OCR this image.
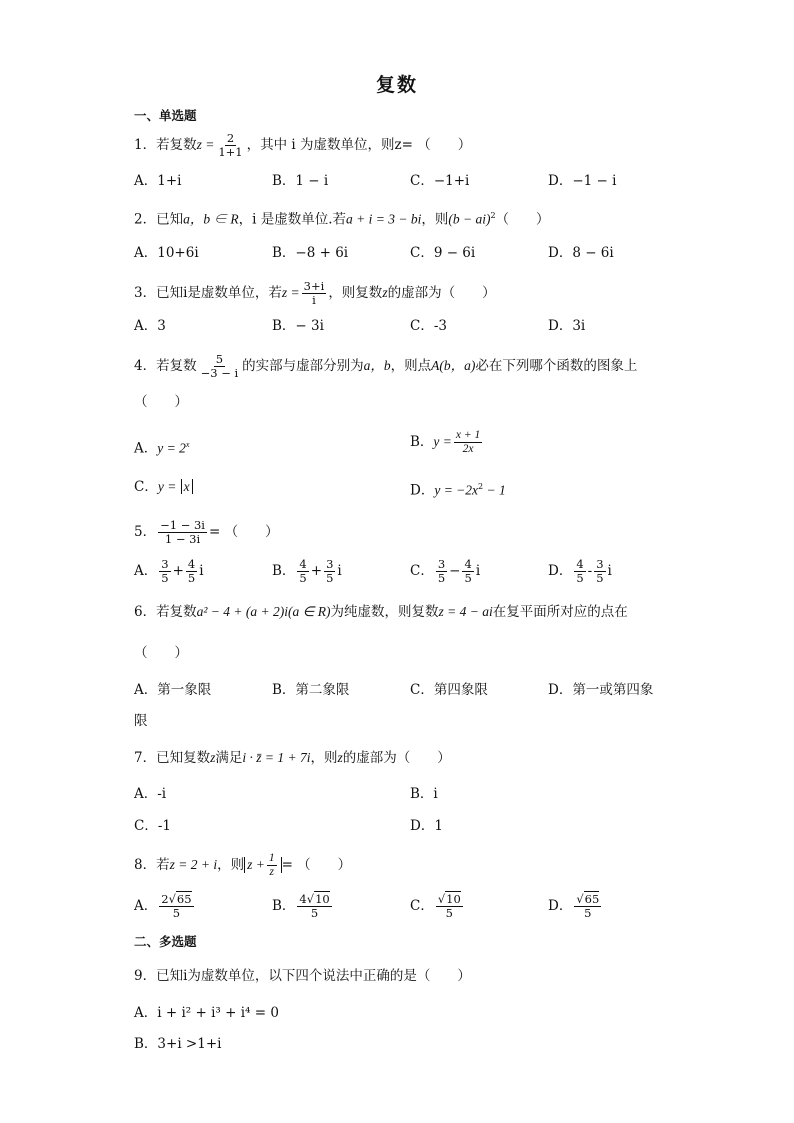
复数
一、单选题
1．若复数$z = \frac{2}{1+1}$ ，其中 i 为虚数单位，则z= （　　）
A．1+i	B．1 − i	C．−1+i	D．−1 − i
2．已知a，b ∈ R，i 是虚数单位.若a + i = 3 − bi，则(b − ai)$^2$（　　）
A．10+6i	B．−8 + 6i	C．9 − 6i	D．8 − 6i
3．已知i是虚数单位，若$z = \frac{3+i}{i}$ ，则复数z的虚部为（　　）
A．3	B．− 3i	C．-3	D．3i
4．若复数 $\frac{5}{-3 - i}$ 的实部与虚部分别为a，b，则点A(b，a)必在下列哪个函数的图象上
（　　）
A．$y = 2^x$	B．$y = \frac{x + 1}{2x}$
C．y = x	D．$y = -2x^2 - 1$
5． $\frac{-1 - 3i}{1 - 3i}$ = （　　）
A． $\frac{3}{5} + \frac{4}{5}$ i	B． $\frac{4}{5} + \frac{3}{5}$ i	C． $\frac{3}{5} - \frac{4}{5}$ i	D． $\frac{4}{5} - \frac{3}{5}$ i
6．若复数a² − 4 + (a + 2)i(a ∈ R)为纯虚数，则复数z = 4 − ai在复平面所对应的点在
（　　）
A．第一象限	B．第二象限	C．第四象限	D．第一或第四象
限
7．已知复数z满足i · z̄ = 1 + 7i，则z的虚部为（　　）
A．-i	B．i
C．-1	D．1
8．若z = 2 + i，则 $z + \frac{1}{z}$ = （　　）
A． $\frac{2√65}{5}$	B． $\frac{4√10}{5}$	C． $\frac{√10}{5}$	D． $\frac{√65}{5}$
二、多选题
9．已知i为虚数单位，以下四个说法中正确的是（　　）
A．i + i² + i³ + i⁴ = 0
B．3+i >1+i
